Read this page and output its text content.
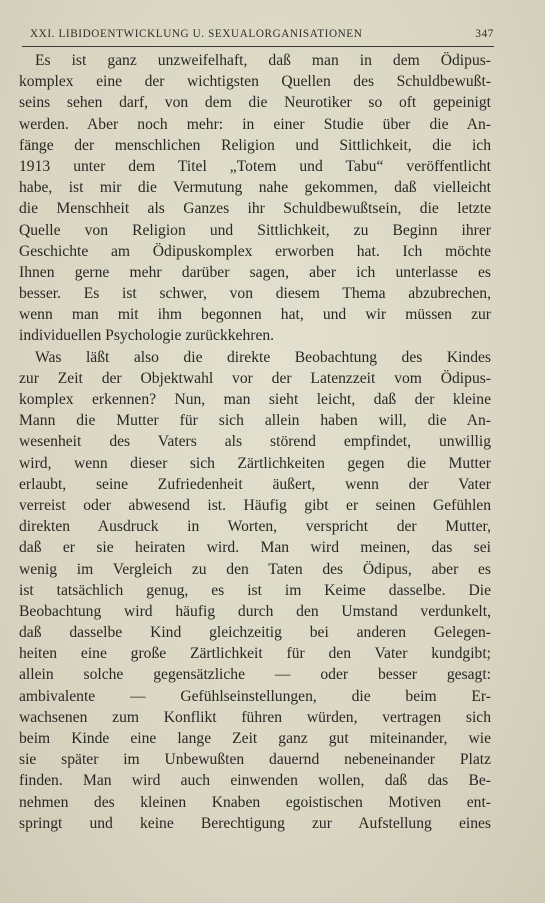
XXI. LIBIDOENTWICKLUNG U. SEXUALORGANISATIONEN	347
Es ist ganz unzweifelhaft, daß man in dem Ödipus-
komplex eine der wichtigsten Quellen des Schuldbewußt-
seins sehen darf, von dem die Neurotiker so oft gepeinigt
werden. Aber noch mehr: in einer Studie über die An-
fänge der menschlichen Religion und Sittlichkeit, die ich
1913 unter dem Titel „Totem und Tabu“ veröffentlicht
habe, ist mir die Vermutung nahe gekommen, daß vielleicht
die Menschheit als Ganzes ihr Schuldbewußtsein, die letzte
Quelle von Religion und Sittlichkeit, zu Beginn ihrer
Geschichte am Ödipuskomplex erworben hat. Ich möchte
Ihnen gerne mehr darüber sagen, aber ich unterlasse es
besser. Es ist schwer, von diesem Thema abzubrechen,
wenn man mit ihm begonnen hat, und wir müssen zur
individuellen Psychologie zurückkehren.
Was läßt also die direkte Beobachtung des Kindes
zur Zeit der Objektwahl vor der Latenzzeit vom Ödipus-
komplex erkennen? Nun, man sieht leicht, daß der kleine
Mann die Mutter für sich allein haben will, die An-
wesenheit des Vaters als störend empfindet, unwillig
wird, wenn dieser sich Zärtlichkeiten gegen die Mutter
erlaubt, seine Zufriedenheit äußert, wenn der Vater
verreist oder abwesend ist. Häufig gibt er seinen Gefühlen
direkten Ausdruck in Worten, verspricht der Mutter,
daß er sie heiraten wird. Man wird meinen, das sei
wenig im Vergleich zu den Taten des Ödipus, aber es
ist tatsächlich genug, es ist im Keime dasselbe. Die
Beobachtung wird häufig durch den Umstand verdunkelt,
daß dasselbe Kind gleichzeitig bei anderen Gelegen-
heiten eine große Zärtlichkeit für den Vater kundgibt;
allein solche gegensätzliche — oder besser gesagt:
ambivalente — Gefühlseinstellungen, die beim Er-
wachsenen zum Konflikt führen würden, vertragen sich
beim Kinde eine lange Zeit ganz gut miteinander, wie
sie später im Unbewußten dauernd nebeneinander Platz
finden. Man wird auch einwenden wollen, daß das Be-
nehmen des kleinen Knaben egoistischen Motiven ent-
springt und keine Berechtigung zur Aufstellung eines
